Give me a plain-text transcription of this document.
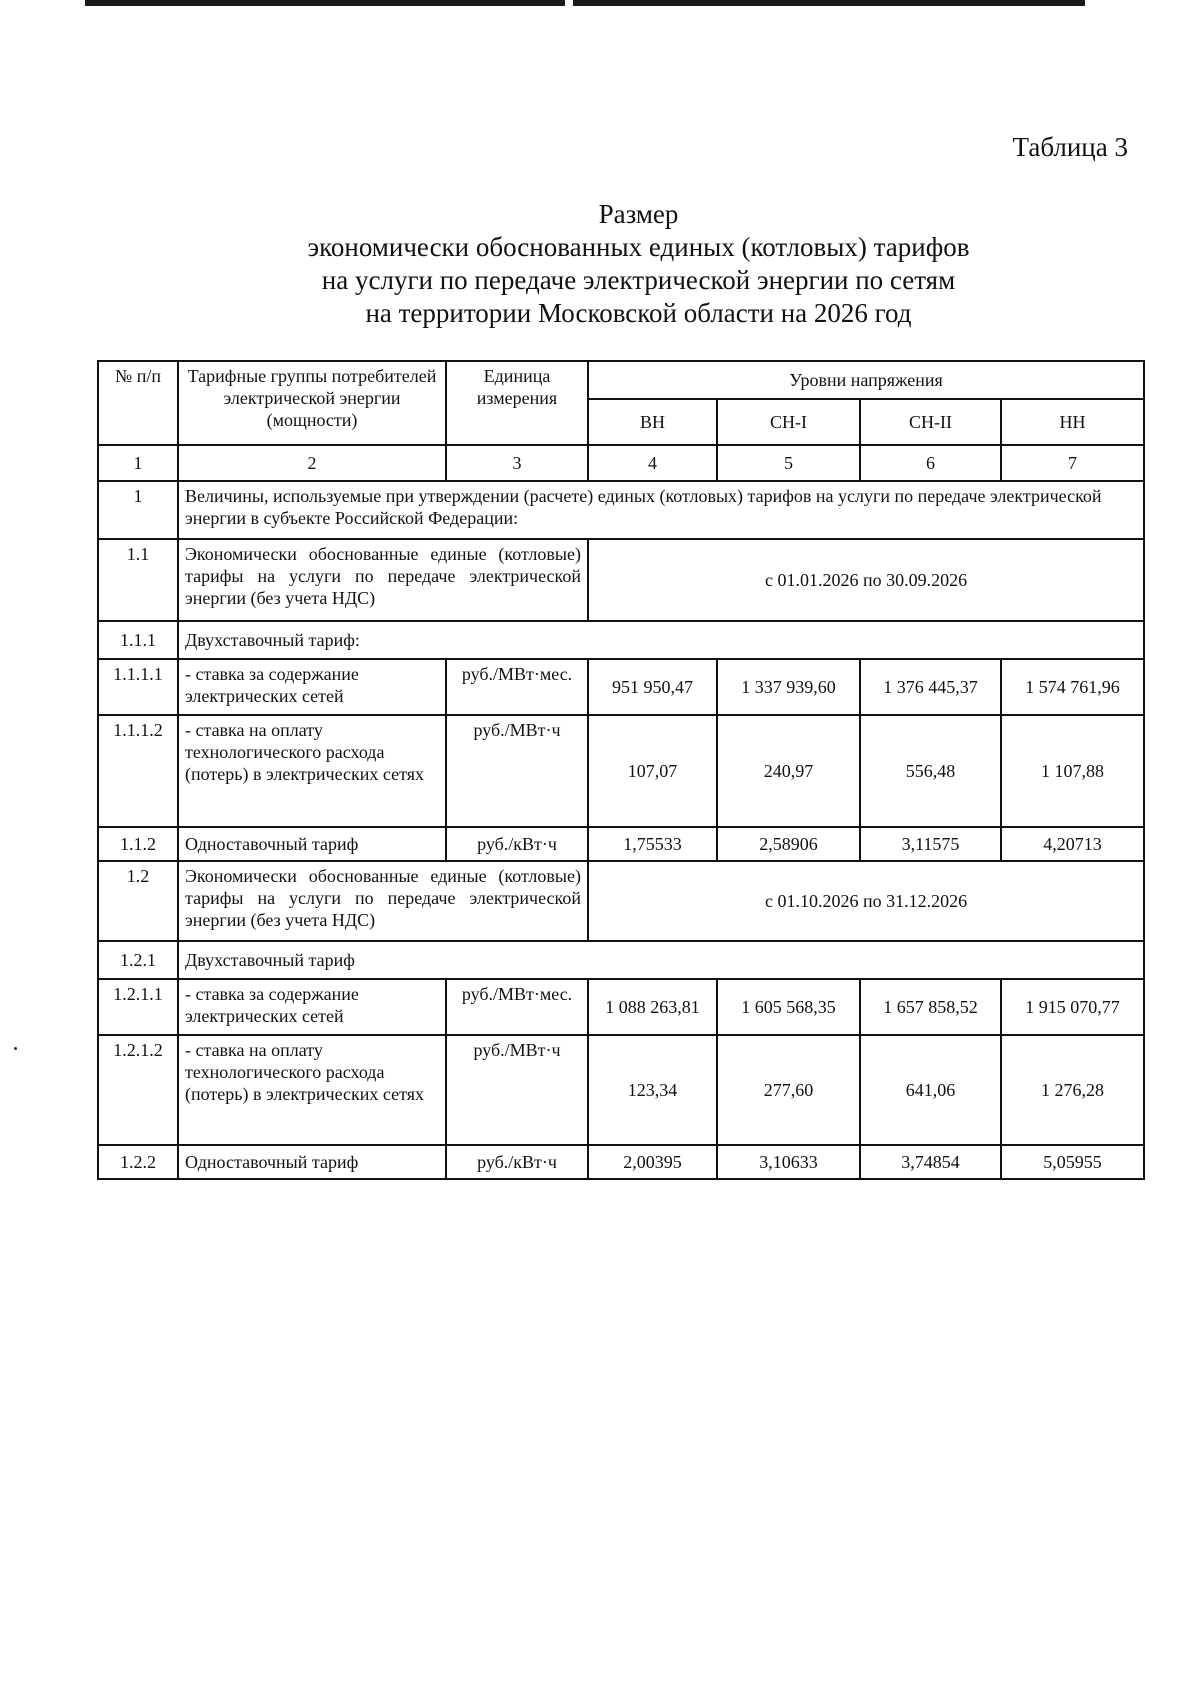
Таблица 3
Размер
экономически обоснованных единых (котловых) тарифов
на услуги по передаче электрической энергии по сетям
на территории Московской области на 2026 год
№ п/п	Тарифные группы потребителей электрической энергии (мощности)	Единица измерения	Уровни напряжения			
			ВН	СН-I	СН-II	НН
1	2	3	4	5	6	7
1	Величины, используемые при утверждении (расчете) единых (котловых) тарифов на услуги по передаче электрической энергии в субъекте Российской Федерации:					
1.1	Экономически обоснованные единые (котловые) тарифы на услуги по передаче электрической энергии (без учета НДС)		с 01.01.2026 по 30.09.2026			
1.1.1	Двухставочный тариф:					
1.1.1.1	- ставка за содержание электрических сетей	руб./МВт·мес.	951 950,47	1 337 939,60	1 376 445,37	1 574 761,96
1.1.1.2	- ставка на оплату технологического расхода (потерь) в электрических сетях	руб./МВт·ч	107,07	240,97	556,48	1 107,88
1.1.2	Одноставочный тариф	руб./кВт·ч	1,75533	2,58906	3,11575	4,20713
1.2	Экономически обоснованные единые (котловые) тарифы на услуги по передаче электрической энергии (без учета НДС)		с 01.10.2026 по 31.12.2026			
1.2.1	Двухставочный тариф					
1.2.1.1	- ставка за содержание электрических сетей	руб./МВт·мес.	1 088 263,81	1 605 568,35	1 657 858,52	1 915 070,77
1.2.1.2	- ставка на оплату технологического расхода (потерь) в электрических сетях	руб./МВт·ч	123,34	277,60	641,06	1 276,28
1.2.2	Одноставочный тариф	руб./кВт·ч	2,00395	3,10633	3,74854	5,05955
